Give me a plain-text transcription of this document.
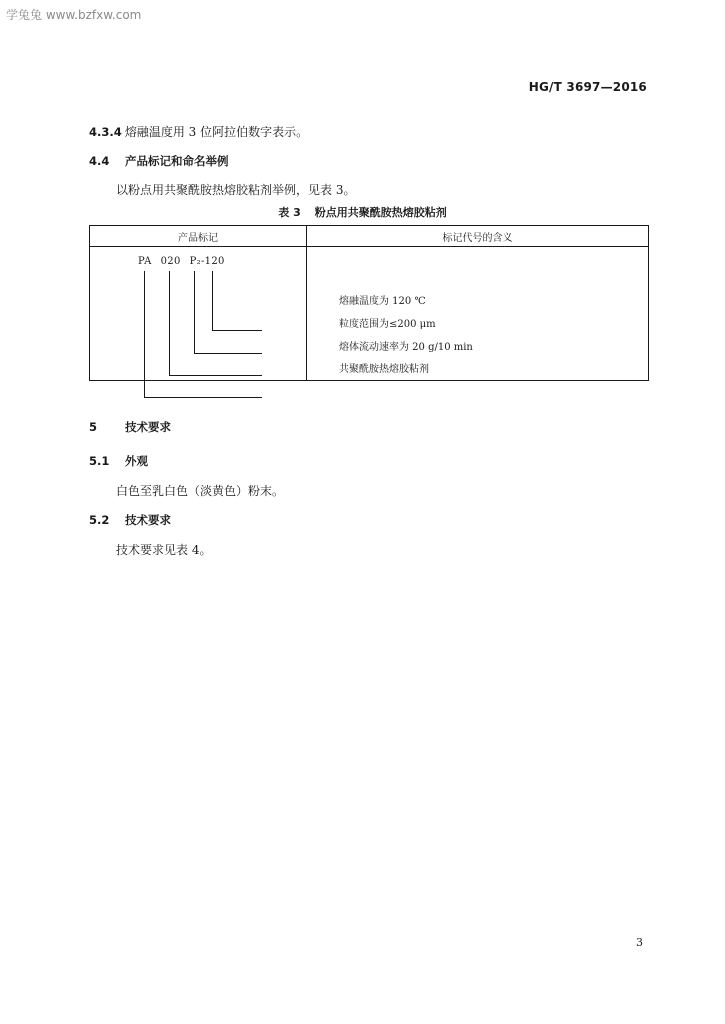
学兔兔 www.bzfxw.com
HG/T 3697—2016
4.3.4 熔融温度用 3 位阿拉伯数字表示。
4.4 产品标记和命名举例
以粉点用共聚酰胺热熔胶粘剂举例，见表 3。
表 3 粉点用共聚酰胺热熔胶粘剂
产品标记	标记代号的含义

PA 020 P₂-120	熔融温度为 120 ℃
粒度范围为≤200 μm
熔体流动速率为 20 g/10 min
共聚酰胺热熔胶粘剂
5 技术要求
5.1 外观
白色至乳白色（淡黄色）粉末。
5.2 技术要求
技术要求见表 4。
3
